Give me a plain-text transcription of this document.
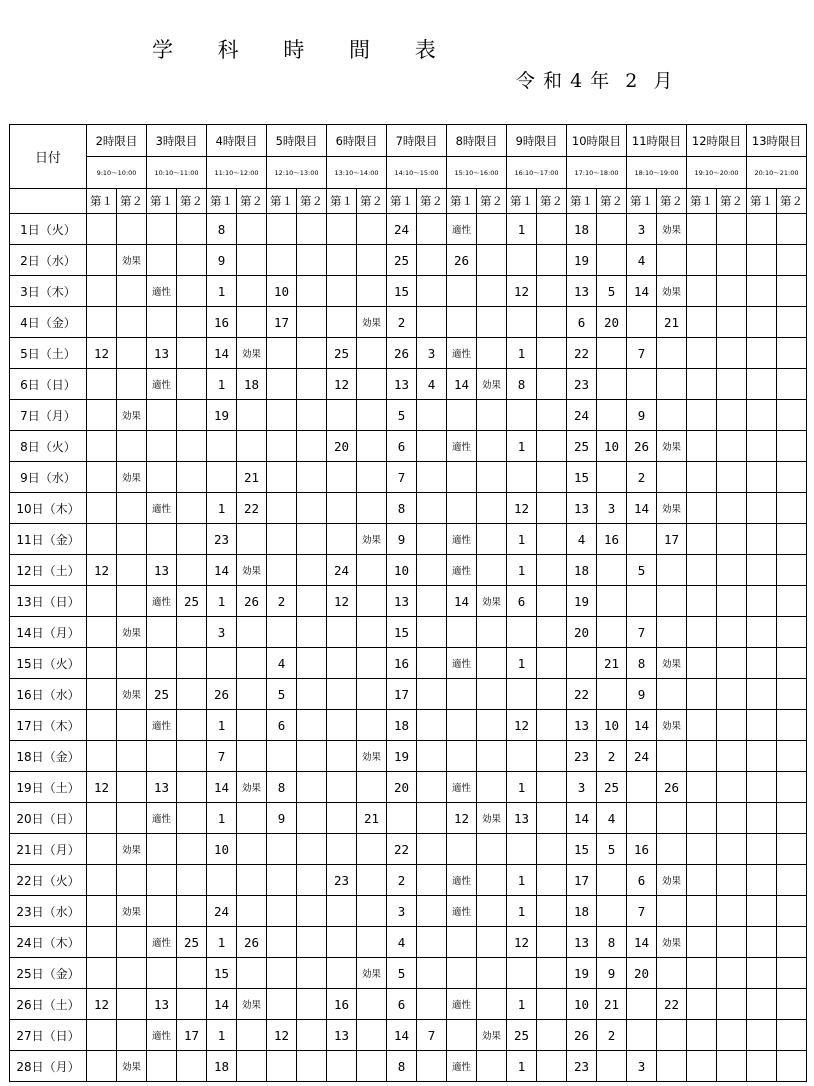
学 科 時 間 表
令 和 4 年  2  月
日付	2時限目		3時限目		4時限目		5時限目		6時限目		7時限目		8時限目		9時限目		10時限目		11時限目		12時限目		13時限目	
	9:10～10:00		10:10～11:00		11:10～12:00		12:10～13:00		13:10～14:00		14:10～15:00		15:10～16:00		16:10～17:00		17:10～18:00		18:10～19:00		19:10～20:00		20:10～21:00	
	第１	第２	第１	第２	第１	第２	第１	第２	第１	第２	第１	第２	第１	第２	第１	第２	第１	第２	第１	第２	第１	第２	第１	第２
1日（火）					8						24		適性		1		18		3	効果				
2日（水）		効果			9						25		26				19		4					
3日（木）			適性		1		10				15				12		13	5	14	効果				
4日（金）					16		17			効果	2						6	20		21				
5日（土）	12		13		14	効果			25		26	3	適性		1		22		7					
6日（日）			適性		1	18			12		13	4	14	効果	8		23							
7日（月）		効果			19						5						24		9					
8日（火）									20		6		適性		1		25	10	26	効果				
9日（水）		効果				21					7						15		2					
10日（木）			適性		1	22					8				12		13	3	14	効果				
11日（金）					23					効果	9		適性		1		4	16		17				
12日（土）	12		13		14	効果			24		10		適性		1		18		5					
13日（日）			適性	25	1	26	2		12		13		14	効果	6		19							
14日（月）		効果			3						15						20		7					
15日（火）							4				16		適性		1			21	8	効果				
16日（水）		効果	25		26		5				17						22		9					
17日（木）			適性		1		6				18				12		13	10	14	効果				
18日（金）					7					効果	19						23	2	24					
19日（土）	12		13		14	効果	8				20		適性		1		3	25		26				
20日（日）			適性		1		9			21			12	効果	13		14	4						
21日（月）		効果			10						22						15	5	16					
22日（火）									23		2		適性		1		17		6	効果				
23日（水）		効果			24						3		適性		1		18		7					
24日（木）			適性	25	1	26					4				12		13	8	14	効果				
25日（金）					15					効果	5						19	9	20					
26日（土）	12		13		14	効果			16		6		適性		1		10	21		22				
27日（日）			適性	17	1		12		13		14	7		効果	25		26	2						
28日（月）		効果			18						8		適性		1		23		3					
